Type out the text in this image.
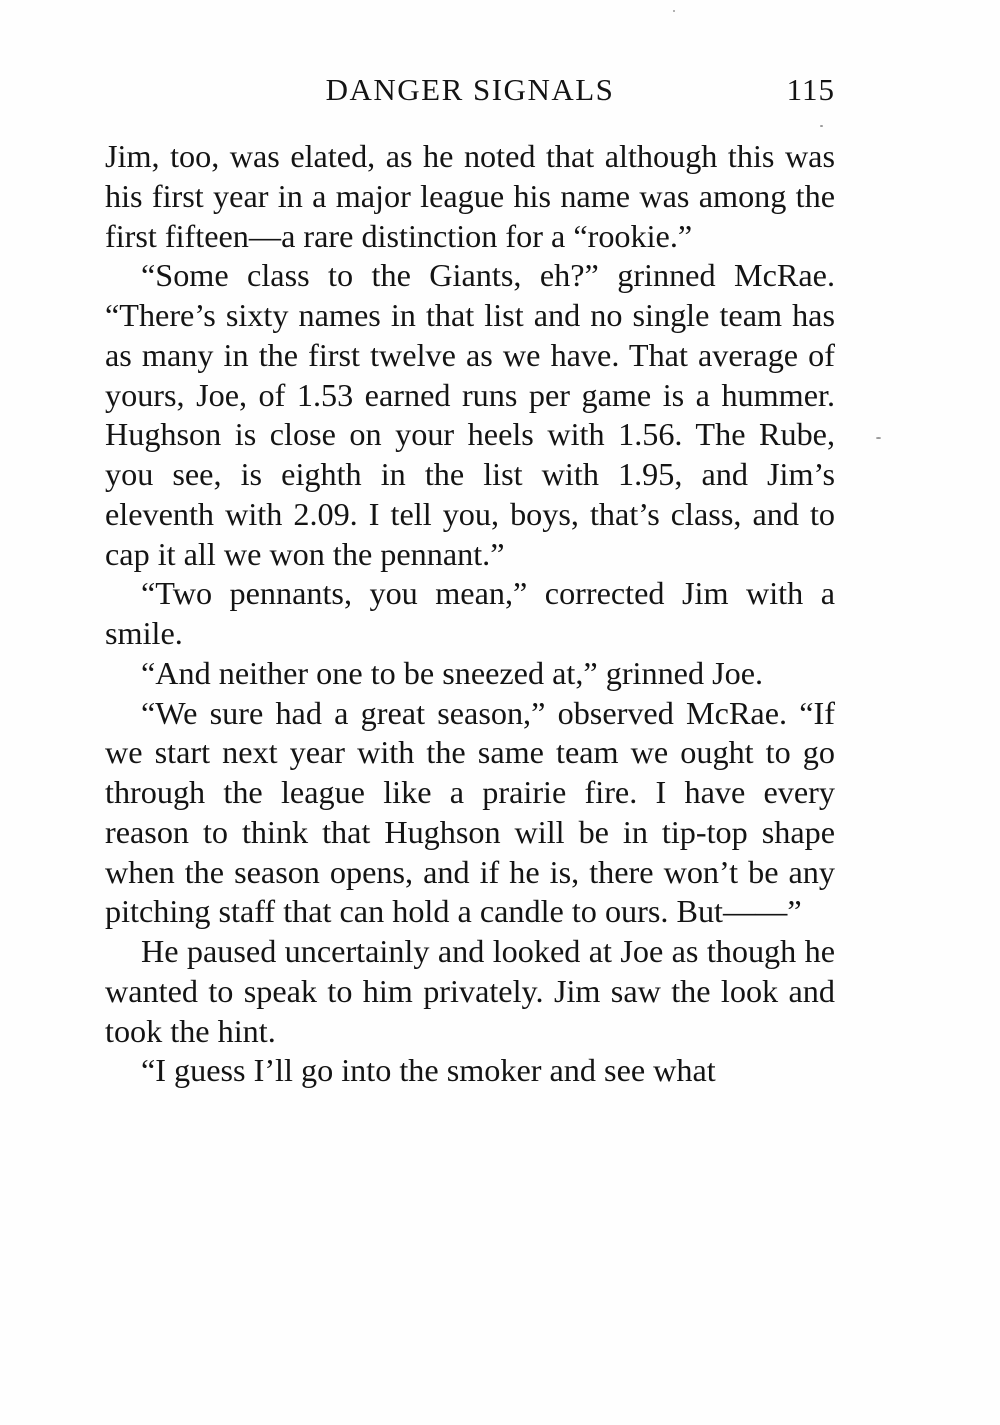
DANGER SIGNALS	115

Jim, too, was elated, as he noted that although this was his first year in a major league his name was among the first fifteen—a rare distinction for a “rookie.”

“Some class to the Giants, eh?” grinned McRae. “There’s sixty names in that list and no single team has as many in the first twelve as we have. That average of yours, Joe, of 1.53 earned runs per game is a hummer. Hughson is close on your heels with 1.56. The Rube, you see, is eighth in the list with 1.95, and Jim’s eleventh with 2.09. I tell you, boys, that’s class, and to cap it all we won the pennant.”

“Two pennants, you mean,” corrected Jim with a smile.

“And neither one to be sneezed at,” grinned Joe.

“We sure had a great season,” observed McRae. “If we start next year with the same team we ought to go through the league like a prairie fire. I have every reason to think that Hughson will be in tip-top shape when the season opens, and if he is, there won’t be any pitching staff that can hold a candle to ours. But——”

He paused uncertainly and looked at Joe as though he wanted to speak to him privately. Jim saw the look and took the hint.

“I guess I’ll go into the smoker and see what
